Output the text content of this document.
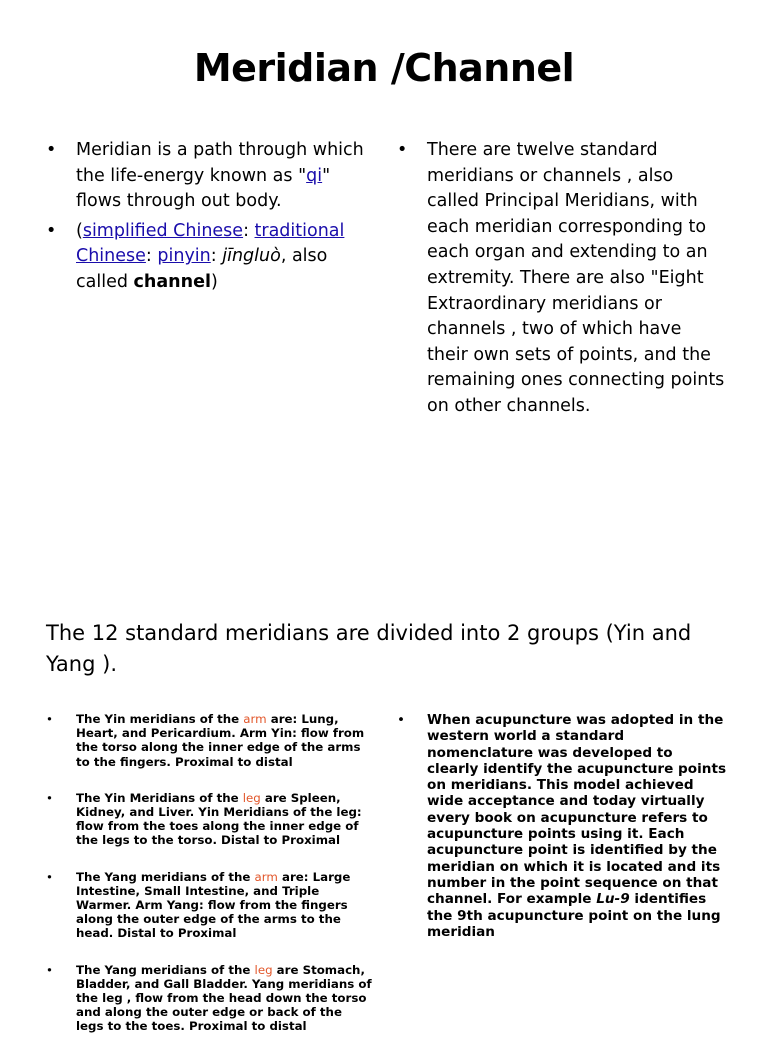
Meridian /Channel
• Meridian is a path through which the life-energy known as "qi" flows through out body.
• (simplified Chinese: traditional Chinese: pinyin: jīngluò, also called channel)
• There are twelve standard meridians or channels , also called Principal Meridians, with each meridian corresponding to each organ and extending to an extremity. There are also "Eight Extraordinary meridians or channels , two of which have their own sets of points, and the remaining ones connecting points on other channels.
The 12 standard meridians are divided into 2 groups (Yin and Yang ).
• The Yin meridians of the arm are: Lung, Heart, and Pericardium. Arm Yin: flow from the torso along the inner edge of the arms to the fingers. Proximal to distal
• The Yin Meridians of the leg are Spleen, Kidney, and Liver. Yin Meridians of the leg: flow from the toes along the inner edge of the legs to the torso. Distal to Proximal
• The Yang meridians of the arm are: Large Intestine, Small Intestine, and Triple Warmer. Arm Yang: flow from the fingers along the outer edge of the arms to the head. Distal to Proximal
• The Yang meridians of the leg are Stomach, Bladder, and Gall Bladder. Yang meridians of the leg , flow from the head down the torso and along the outer edge or back of the legs to the toes. Proximal to distal
• When acupuncture was adopted in the western world a standard nomenclature was developed to clearly identify the acupuncture points on meridians. This model achieved wide acceptance and today virtually every book on acupuncture refers to acupuncture points using it. Each acupuncture point is identified by the meridian on which it is located and its number in the point sequence on that channel. For example Lu-9 identifies the 9th acupuncture point on the lung meridian
